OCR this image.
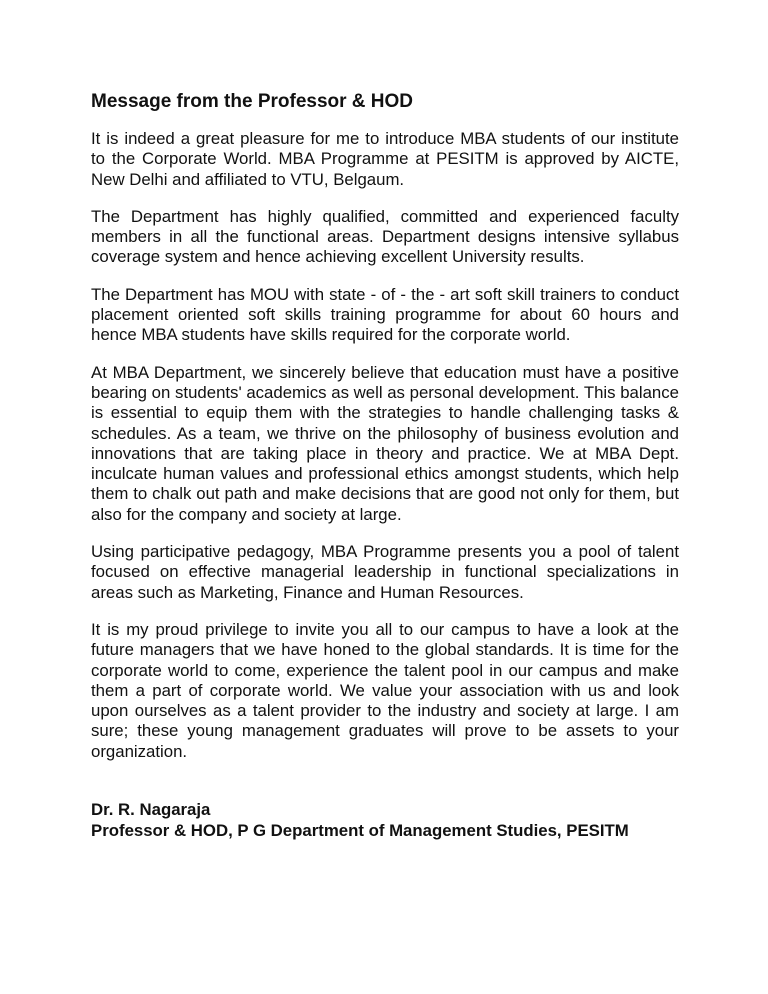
Message from the Professor & HOD

It is indeed a great pleasure for me to introduce MBA students of our institute to the Corporate World. MBA Programme at PESITM is approved by AICTE, New Delhi and affiliated to VTU, Belgaum.

The Department has highly qualified, committed and experienced faculty members in all the functional areas. Department designs intensive syllabus coverage system and hence achieving excellent University results.

The Department has MOU with state - of - the - art soft skill trainers to conduct placement oriented soft skills training programme for about 60 hours and hence MBA students have skills required for the corporate world.

At MBA Department, we sincerely believe that education must have a positive bearing on students' academics as well as personal development. This balance is essential to equip them with the strategies to handle challenging tasks & schedules. As a team, we thrive on the philosophy of business evolution and innovations that are taking place in theory and practice. We at MBA Dept. inculcate human values and professional ethics amongst students, which help them to chalk out path and make decisions that are good not only for them, but also for the company and society at large.

Using participative pedagogy, MBA Programme presents you a pool of talent focused on effective managerial leadership in functional specializations in areas such as Marketing, Finance and Human Resources.

It is my proud privilege to invite you all to our campus to have a look at the future managers that we have honed to the global standards. It is time for the corporate world to come, experience the talent pool in our campus and make them a part of corporate world. We value your association with us and look upon ourselves as a talent provider to the industry and society at large. I am sure; these young management graduates will prove to be assets to your organization.

Dr. R. Nagaraja
Professor & HOD, P G Department of Management Studies, PESITM
